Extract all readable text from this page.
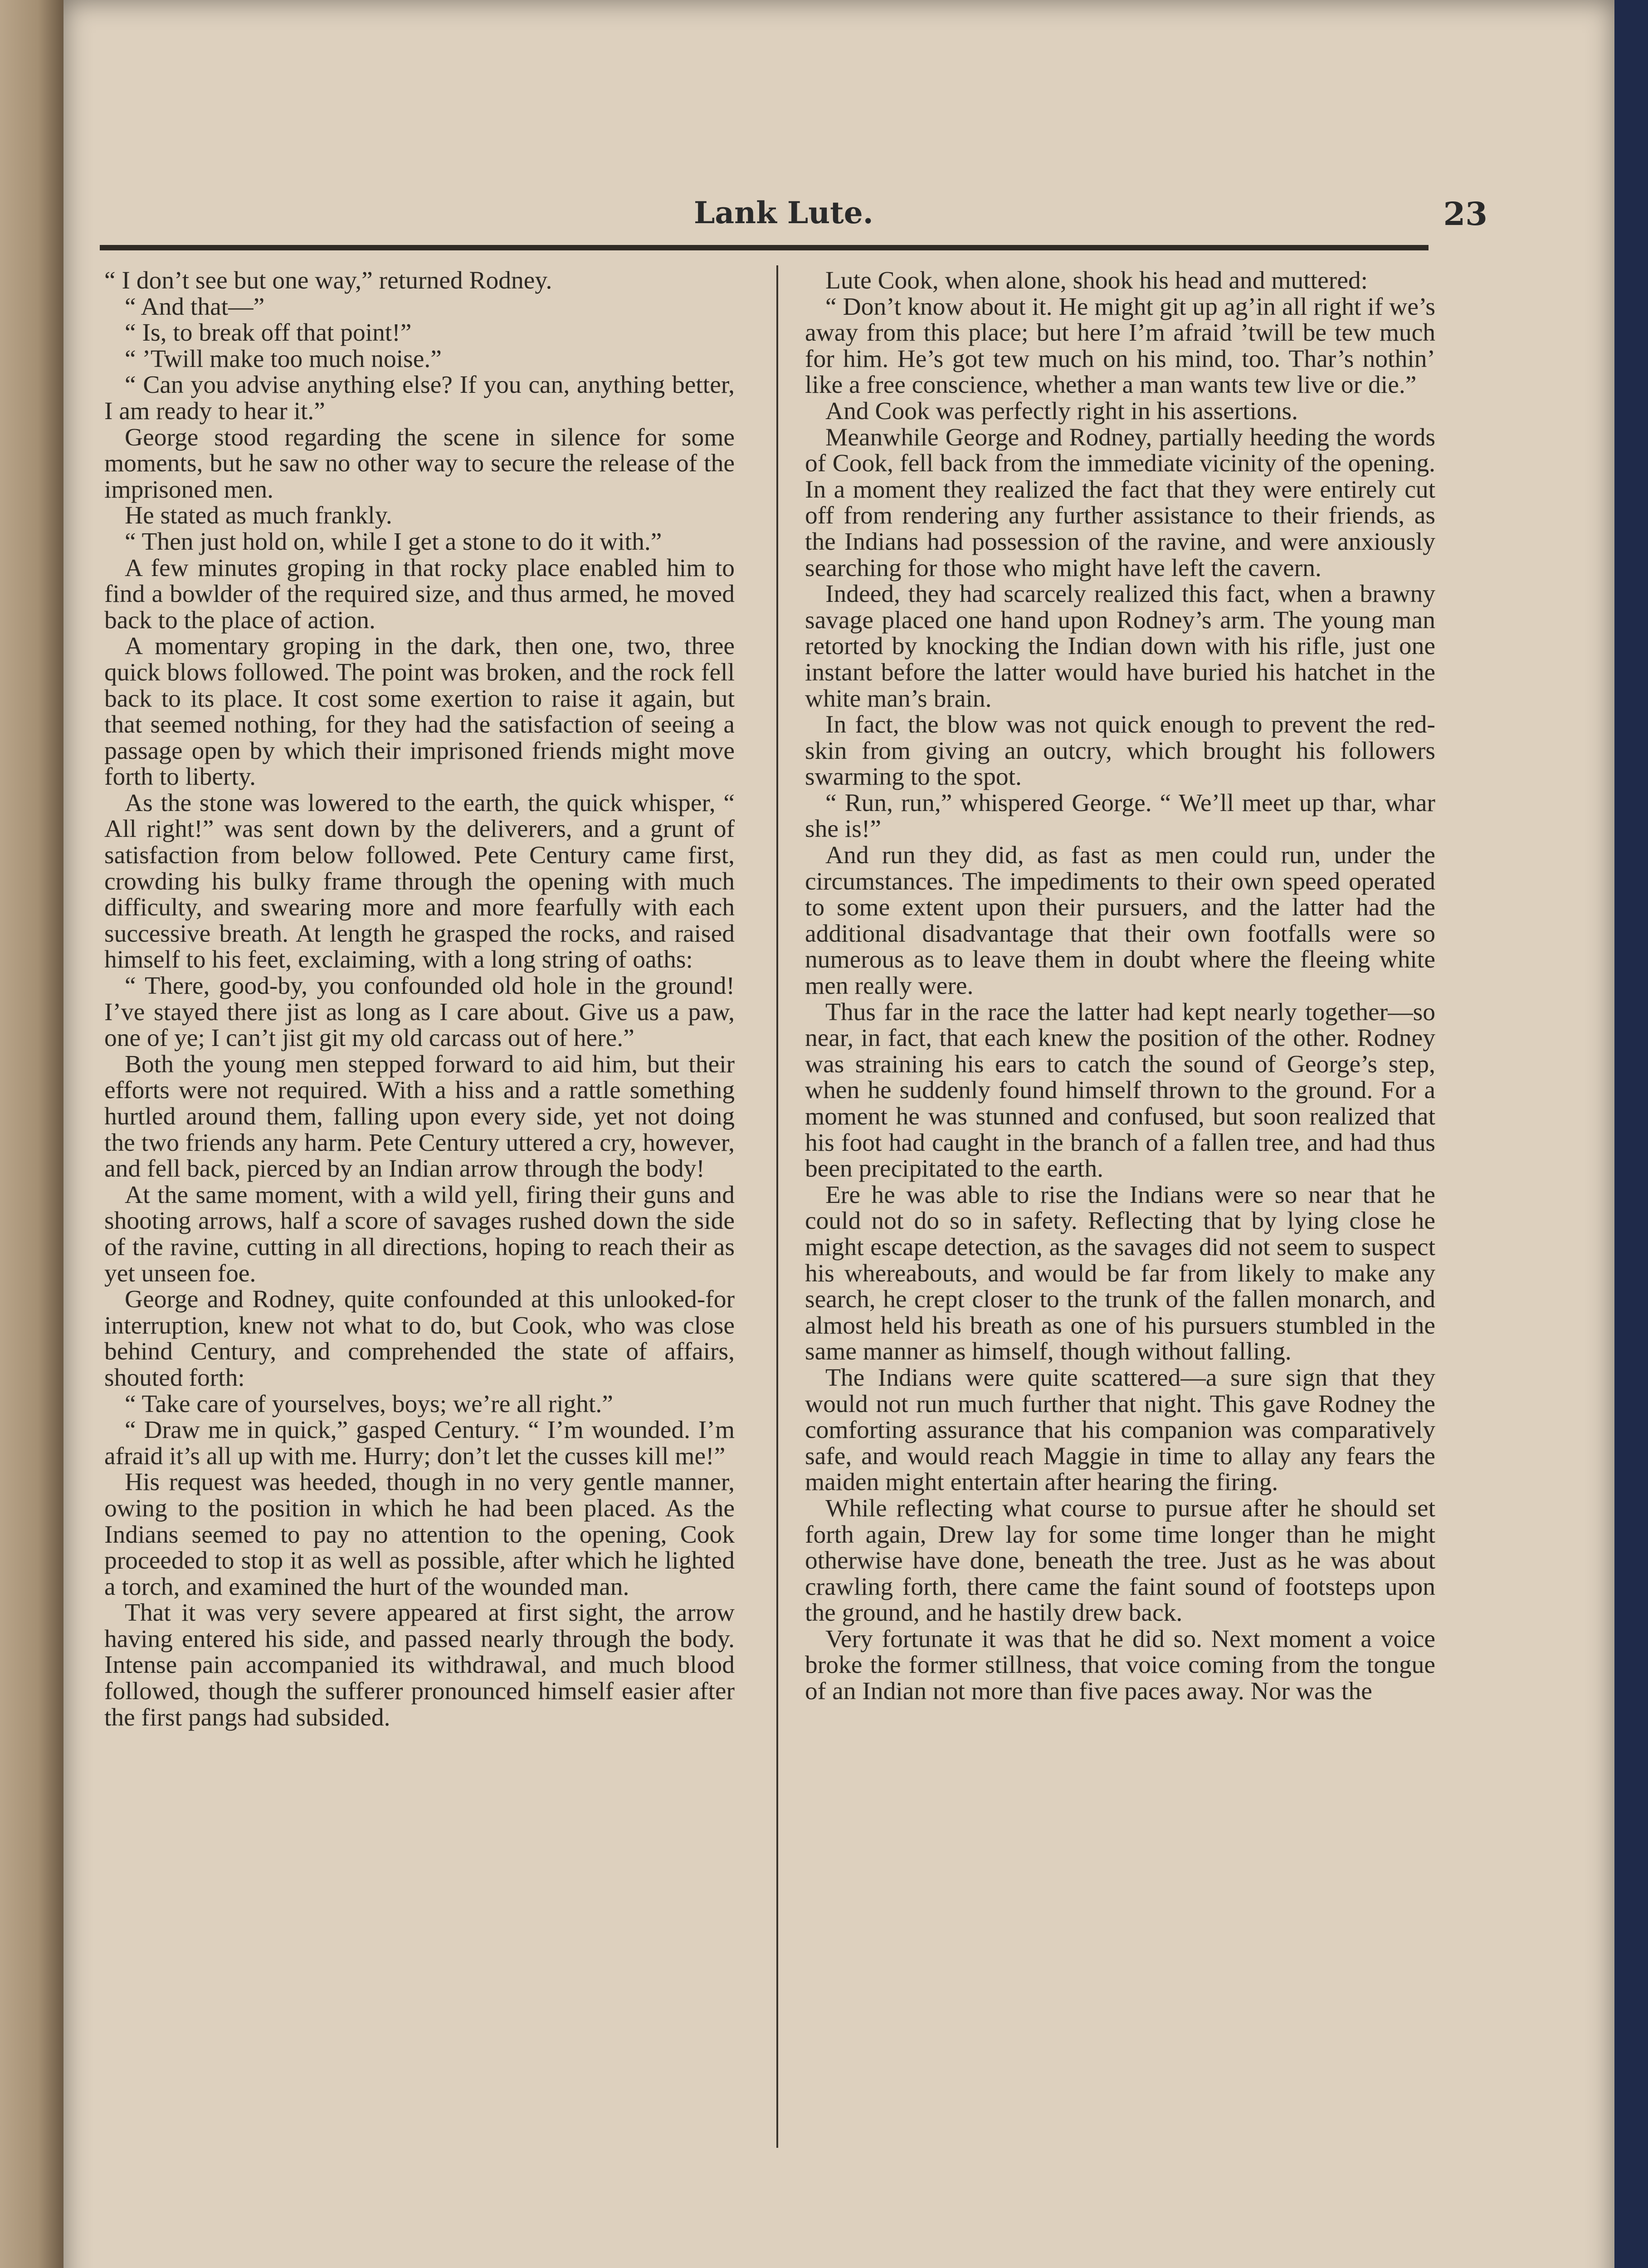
Lank Lute.	23

“ I don’t see but one way,” returned Rodney.

“ And that—”

“ Is, to break off that point!”

“ ’Twill make too much noise.”

“ Can you advise anything else? If you can, anything better, I am ready to hear it.”

George stood regarding the scene in silence for some moments, but he saw no other way to secure the release of the imprisoned men.

He stated as much frankly.

“ Then just hold on, while I get a stone to do it with.”

A few minutes groping in that rocky place enabled him to find a bowlder of the required size, and thus armed, he moved back to the place of action.

A momentary groping in the dark, then one, two, three quick blows followed. The point was broken, and the rock fell back to its place. It cost some exertion to raise it again, but that seemed nothing, for they had the satisfaction of seeing a passage open by which their imprisoned friends might move forth to liberty.

As the stone was lowered to the earth, the quick whisper, “ All right!” was sent down by the deliverers, and a grunt of satisfaction from below followed. Pete Century came first, crowding his bulky frame through the opening with much difficulty, and swearing more and more fearfully with each successive breath. At length he grasped the rocks, and raised himself to his feet, exclaiming, with a long string of oaths:

“ There, good-by, you confounded old hole in the ground! I’ve stayed there jist as long as I care about. Give us a paw, one of ye; I can’t jist git my old carcass out of here.”

Both the young men stepped forward to aid him, but their efforts were not required. With a hiss and a rattle something hurtled around them, falling upon every side, yet not doing the two friends any harm. Pete Century uttered a cry, however, and fell back, pierced by an Indian arrow through the body!

At the same moment, with a wild yell, firing their guns and shooting arrows, half a score of savages rushed down the side of the ravine, cutting in all directions, hoping to reach their as yet unseen foe.

George and Rodney, quite confounded at this unlooked-for interruption, knew not what to do, but Cook, who was close behind Century, and comprehended the state of affairs, shouted forth:

“ Take care of yourselves, boys; we’re all right.”

“ Draw me in quick,” gasped Century. “ I’m wounded. I’m afraid it’s all up with me. Hurry; don’t let the cusses kill me!”

His request was heeded, though in no very gentle manner, owing to the position in which he had been placed. As the Indians seemed to pay no attention to the opening, Cook proceeded to stop it as well as possible, after which he lighted a torch, and examined the hurt of the wounded man.

That it was very severe appeared at first sight, the arrow having entered his side, and passed nearly through the body. Intense pain accompanied its withdrawal, and much blood followed, though the sufferer pronounced himself easier after the first pangs had subsided.

Lute Cook, when alone, shook his head and muttered:

“ Don’t know about it. He might git up ag’in all right if we’s away from this place; but here I’m afraid ’twill be tew much for him. He’s got tew much on his mind, too. Thar’s nothin’ like a free conscience, whether a man wants tew live or die.”

And Cook was perfectly right in his assertions.

Meanwhile George and Rodney, partially heeding the words of Cook, fell back from the immediate vicinity of the opening. In a moment they realized the fact that they were entirely cut off from rendering any further assistance to their friends, as the Indians had possession of the ravine, and were anxiously searching for those who might have left the cavern.

Indeed, they had scarcely realized this fact, when a brawny savage placed one hand upon Rodney’s arm. The young man retorted by knocking the Indian down with his rifle, just one instant before the latter would have buried his hatchet in the white man’s brain.

In fact, the blow was not quick enough to prevent the red-skin from giving an outcry, which brought his followers swarming to the spot.

“ Run, run,” whispered George. “ We’ll meet up thar, whar she is!”

And run they did, as fast as men could run, under the circumstances. The impediments to their own speed operated to some extent upon their pursuers, and the latter had the additional disadvantage that their own footfalls were so numerous as to leave them in doubt where the fleeing white men really were.

Thus far in the race the latter had kept nearly together—so near, in fact, that each knew the position of the other. Rodney was straining his ears to catch the sound of George’s step, when he suddenly found himself thrown to the ground. For a moment he was stunned and confused, but soon realized that his foot had caught in the branch of a fallen tree, and had thus been precipitated to the earth.

Ere he was able to rise the Indians were so near that he could not do so in safety. Reflecting that by lying close he might escape detection, as the savages did not seem to suspect his whereabouts, and would be far from likely to make any search, he crept closer to the trunk of the fallen monarch, and almost held his breath as one of his pursuers stumbled in the same manner as himself, though without falling.

The Indians were quite scattered—a sure sign that they would not run much further that night. This gave Rodney the comforting assurance that his companion was comparatively safe, and would reach Maggie in time to allay any fears the maiden might entertain after hearing the firing.

While reflecting what course to pursue after he should set forth again, Drew lay for some time longer than he might otherwise have done, beneath the tree. Just as he was about crawling forth, there came the faint sound of footsteps upon the ground, and he hastily drew back.

Very fortunate it was that he did so. Next moment a voice broke the former stillness, that voice coming from the tongue of an Indian not more than five paces away. Nor was the
